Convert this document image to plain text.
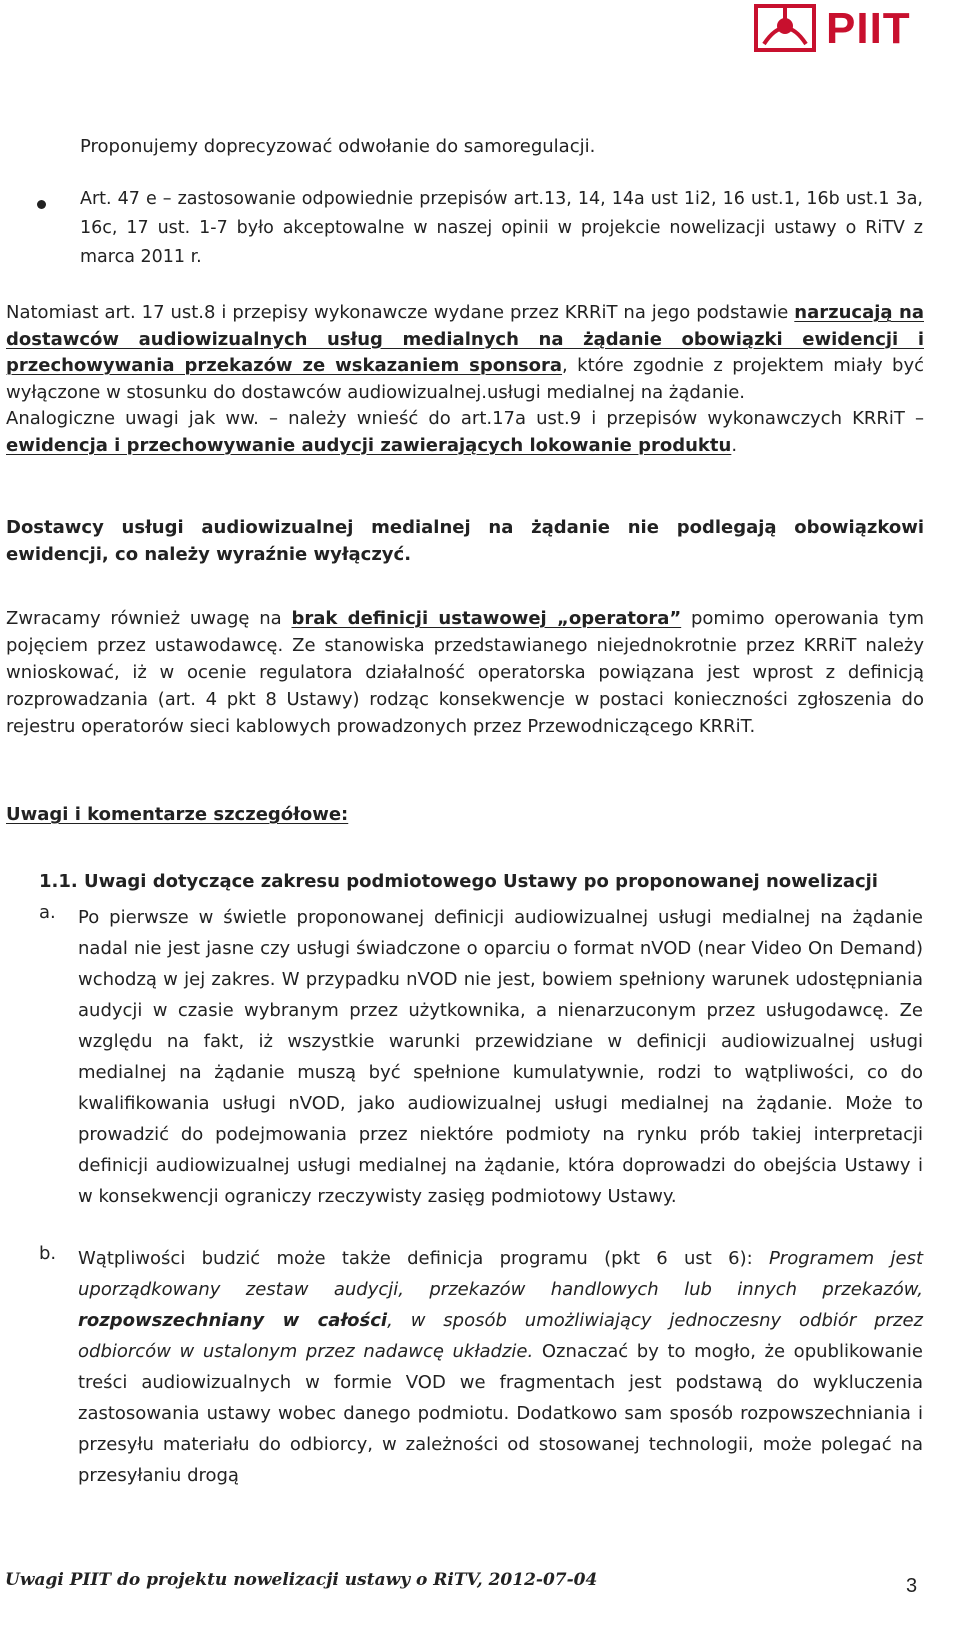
PIIT
Proponujemy doprecyzować odwołanie do samoregulacji.
Art. 47 e – zastosowanie odpowiednie przepisów art.13, 14, 14a ust 1i2, 16 ust.1, 16b ust.1 3a, 16c, 17 ust. 1-7 było akceptowalne w naszej opinii w projekcie nowelizacji ustawy o RiTV z marca 2011 r.
Natomiast art. 17 ust.8 i przepisy wykonawcze wydane przez KRRiT na jego podstawie narzucają na dostawców audiowizualnych usług medialnych na żądanie obowiązki ewidencji i przechowywania przekazów ze wskazaniem sponsora, które zgodnie z projektem miały być wyłączone w stosunku do dostawców audiowizualnej.usługi medialnej na żądanie.
Analogiczne uwagi jak ww. – należy wnieść do art.17a ust.9 i przepisów wykonawczych KRRiT – ewidencja i przechowywanie audycji zawierających lokowanie produktu.
Dostawcy usługi audiowizualnej medialnej na żądanie nie podlegają obowiązkowi ewidencji, co należy wyraźnie wyłączyć.
Zwracamy również uwagę na brak definicji ustawowej „operatora” pomimo operowania tym pojęciem przez ustawodawcę. Ze stanowiska przedstawianego niejednokrotnie przez KRRiT należy wnioskować, iż w ocenie regulatora działalność operatorska powiązana jest wprost z definicją rozprowadzania (art. 4 pkt 8 Ustawy) rodząc konsekwencje w postaci konieczności zgłoszenia do rejestru operatorów sieci kablowych prowadzonych przez Przewodniczącego KRRiT.
Uwagi i komentarze szczegółowe:
1.1. Uwagi dotyczące zakresu podmiotowego Ustawy po proponowanej nowelizacji
a. Po pierwsze w świetle proponowanej definicji audiowizualnej usługi medialnej na żądanie nadal nie jest jasne czy usługi świadczone o oparciu o format nVOD (near Video On Demand) wchodzą w jej zakres. W przypadku nVOD nie jest, bowiem spełniony warunek udostępniania audycji w czasie wybranym przez użytkownika, a nienarzuconym przez usługodawcę. Ze względu na fakt, iż wszystkie warunki przewidziane w definicji audiowizualnej usługi medialnej na żądanie muszą być spełnione kumulatywnie, rodzi to wątpliwości, co do kwalifikowania usługi nVOD, jako audiowizualnej usługi medialnej na żądanie. Może to prowadzić do podejmowania przez niektóre podmioty na rynku prób takiej interpretacji definicji audiowizualnej usługi medialnej na żądanie, która doprowadzi do obejścia Ustawy i w konsekwencji ograniczy rzeczywisty zasięg podmiotowy Ustawy.
b. Wątpliwości budzić może także definicja programu (pkt 6 ust 6): Programem jest uporządkowany zestaw audycji, przekazów handlowych lub innych przekazów, rozpowszechniany w całości, w sposób umożliwiający jednoczesny odbiór przez odbiorców w ustalonym przez nadawcę układzie. Oznaczać by to mogło, że opublikowanie treści audiowizualnych w formie VOD we fragmentach jest podstawą do wykluczenia zastosowania ustawy wobec danego podmiotu. Dodatkowo sam sposób rozpowszechniania i przesyłu materiału do odbiorcy, w zależności od stosowanej technologii, może polegać na przesyłaniu drogą
Uwagi PIIT do projektu nowelizacji ustawy o RiTV, 2012-07-04	3
